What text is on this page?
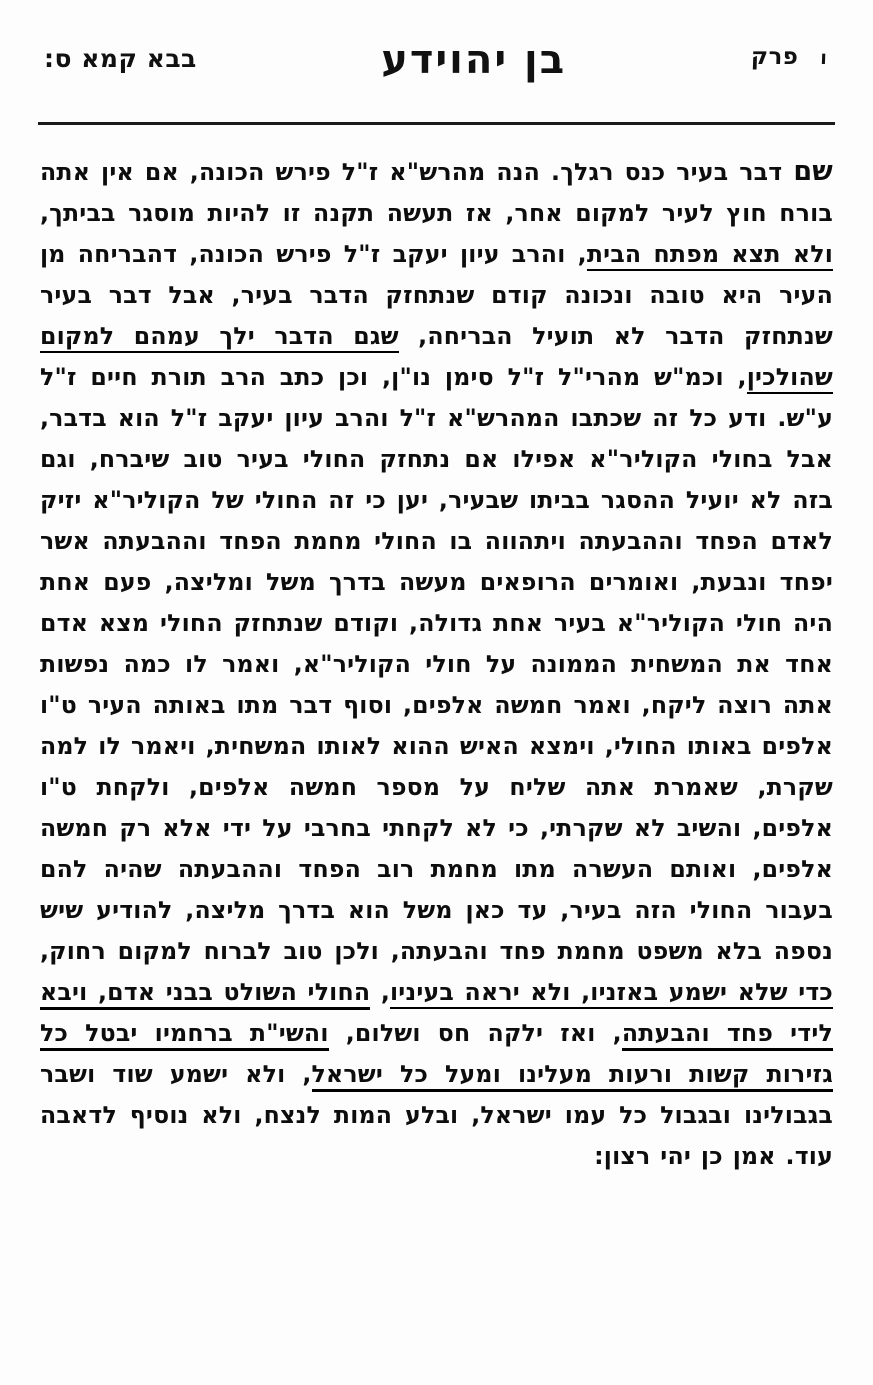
ו
פרק
בן יהוידע
בבא קמא ס:

שם דבר בעיר כנס רגלך. הנה מהרש"א ז"ל פירש הכונה, אם אין אתה בורח חוץ לעיר למקום אחר, אז תעשה תקנה זו להיות מוסגר בביתך, ולא תצא מפתח הבית, והרב עיון יעקב ז"ל פירש הכונה, דהבריחה מן העיר היא טובה ונכונה קודם שנתחזק הדבר בעיר, אבל דבר בעיר שנתחזק הדבר לא תועיל הבריחה, שגם הדבר ילך עמהם למקום שהולכין, וכמ"ש מהרי"ל ז"ל סימן נו"ן, וכן כתב הרב תורת חיים ז"ל ע"ש. ודע כל זה שכתבו המהרש"א ז"ל והרב עיון יעקב ז"ל הוא בדבר, אבל בחולי הקוליר"א אפילו אם נתחזק החולי בעיר טוב שיברח, וגם בזה לא יועיל ההסגר בביתו שבעיר, יען כי זה החולי של הקוליר"א יזיק לאדם הפחד וההבעתה ויתהווה בו החולי מחמת הפחד וההבעתה אשר יפחד ונבעת, ואומרים הרופאים מעשה בדרך משל ומליצה, פעם אחת היה חולי הקוליר"א בעיר אחת גדולה, וקודם שנתחזק החולי מצא אדם אחד את המשחית הממונה על חולי הקוליר"א, ואמר לו כמה נפשות אתה רוצה ליקח, ואמר חמשה אלפים, וסוף דבר מתו באותה העיר ט"ו אלפים באותו החולי, וימצא האיש ההוא לאותו המשחית, ויאמר לו למה שקרת, שאמרת אתה שליח על מספר חמשה אלפים, ולקחת ט"ו אלפים, והשיב לא שקרתי, כי לא לקחתי בחרבי על ידי אלא רק חמשה אלפים, ואותם העשרה מתו מחמת רוב הפחד וההבעתה שהיה להם בעבור החולי הזה בעיר, עד כאן משל הוא בדרך מליצה, להודיע שיש נספה בלא משפט מחמת פחד והבעתה, ולכן טוב לברוח למקום רחוק, כדי שלא ישמע באזניו, ולא יראה בעיניו, החולי השולט בבני אדם, ויבא לידי פחד והבעתה, ואז ילקה חס ושלום, והשי"ת ברחמיו יבטל כל גזירות קשות ורעות מעלינו ומעל כל ישראל, ולא ישמע שוד ושבר בגבולינו ובגבול כל עמו ישראל, ובלע המות לנצח, ולא נוסיף לדאבה עוד. אמן כן יהי רצון:
